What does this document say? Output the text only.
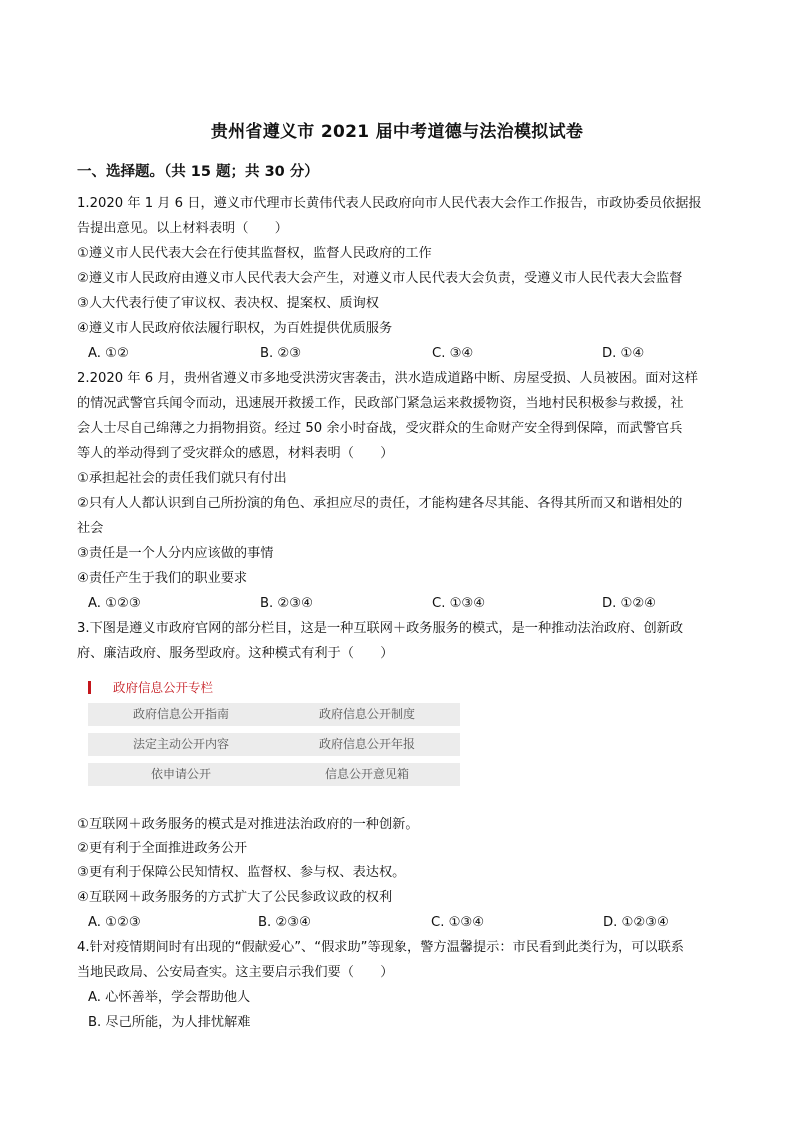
贵州省遵义市 2021 届中考道德与法治模拟试卷
一、选择题。（共 15 题；共 30 分）
1.2020 年 1 月 6 日，遵义市代理市长黄伟代表人民政府向市人民代表大会作工作报告，市政协委员依据报
告提出意见。以上材料表明（　　）
①遵义市人民代表大会在行使其监督权，监督人民政府的工作
②遵义市人民政府由遵义市人民代表大会产生，对遵义市人民代表大会负责，受遵义市人民代表大会监督
③人大代表行使了审议权、表决权、提案权、质询权
④遵义市人民政府依法履行职权，为百姓提供优质服务
A. ①②	B. ②③	C. ③④	D. ①④
2.2020 年 6 月，贵州省遵义市多地受洪涝灾害袭击，洪水造成道路中断、房屋受损、人员被困。面对这样
的情况武警官兵闻令而动，迅速展开救援工作，民政部门紧急运来救援物资，当地村民积极参与救援，社
会人士尽自己绵薄之力捐物捐资。经过 50 余小时奋战，受灾群众的生命财产安全得到保障，而武警官兵
等人的举动得到了受灾群众的感恩，材料表明（　　）
①承担起社会的责任我们就只有付出
②只有人人都认识到自己所扮演的角色、承担应尽的责任，才能构建各尽其能、各得其所而又和谐相处的
社会
③责任是一个人分内应该做的事情
④责任产生于我们的职业要求
A. ①②③	B. ②③④	C. ①③④	D. ①②④
3.下图是遵义市政府官网的部分栏目，这是一种互联网＋政务服务的模式，是一种推动法治政府、创新政
府、廉洁政府、服务型政府。这种模式有利于（　　）
政府信息公开专栏
政府信息公开指南	政府信息公开制度
法定主动公开内容	政府信息公开年报
依申请公开	信息公开意见箱
①互联网＋政务服务的模式是对推进法治政府的一种创新。
②更有利于全面推进政务公开
③更有利于保障公民知情权、监督权、参与权、表达权。
④互联网＋政务服务的方式扩大了公民参政议政的权利
A. ①②③	B. ②③④	C. ①③④	D. ①②③④
4.针对疫情期间时有出现的“假献爱心”、“假求助”等现象，警方温馨提示：市民看到此类行为，可以联系
当地民政局、公安局查实。这主要启示我们要（　　）
A. 心怀善举，学会帮助他人
B. 尽己所能，为人排忧解难
